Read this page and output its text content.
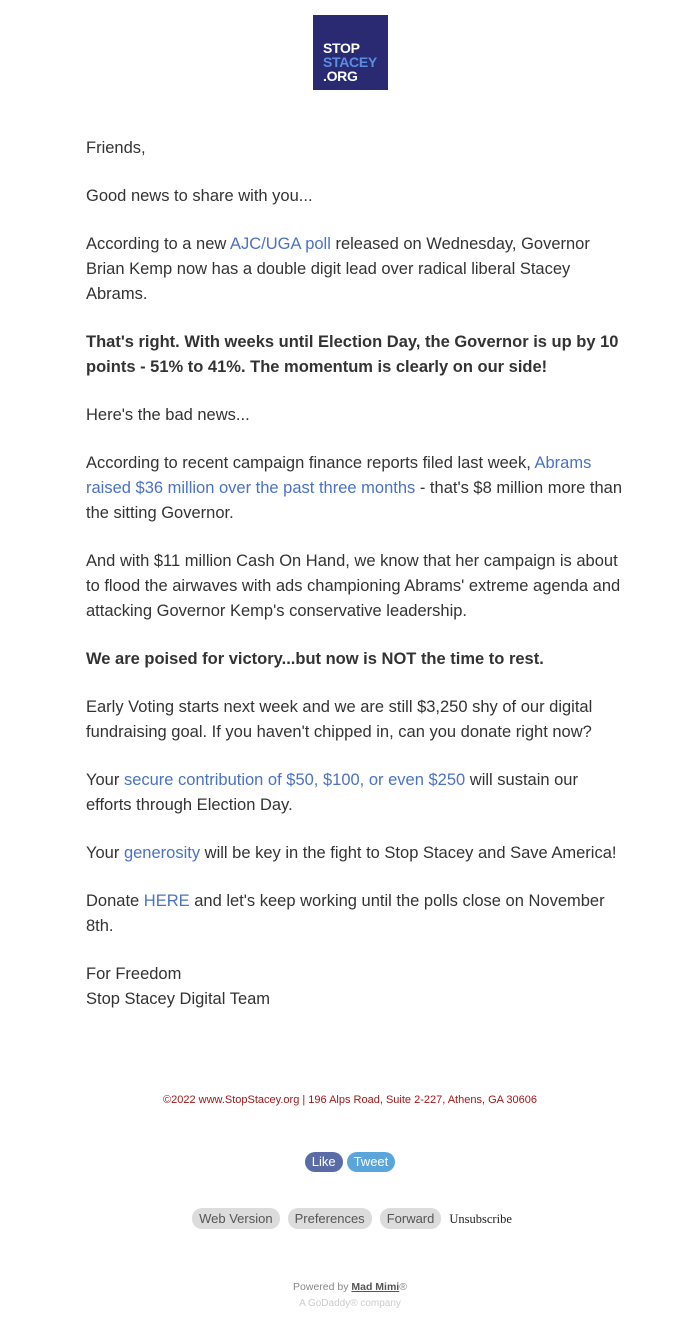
STOP
STACEY
.ORG

Friends,

Good news to share with you...

According to a new AJC/UGA poll released on Wednesday, Governor Brian Kemp now has a double digit lead over radical liberal Stacey Abrams.

That's right. With weeks until Election Day, the Governor is up by 10 points - 51% to 41%. The momentum is clearly on our side!

Here's the bad news...

According to recent campaign finance reports filed last week, Abrams raised $36 million over the past three months - that's $8 million more than the sitting Governor.

And with $11 million Cash On Hand, we know that her campaign is about to flood the airwaves with ads championing Abrams' extreme agenda and attacking Governor Kemp's conservative leadership.

We are poised for victory...but now is NOT the time to rest.

Early Voting starts next week and we are still $3,250 shy of our digital fundraising goal. If you haven't chipped in, can you donate right now?

Your secure contribution of $50, $100, or even $250 will sustain our efforts through Election Day.

Your generosity will be key in the fight to Stop Stacey and Save America!

Donate HERE and let's keep working until the polls close on November 8th.

For Freedom
Stop Stacey Digital Team

©2022 www.StopStacey.org | 196 Alps Road, Suite 2-227, Athens, GA 30606
Like Tweet
Web Version Preferences Forward Unsubscribe
Powered by Mad Mimi®
A GoDaddy® company
